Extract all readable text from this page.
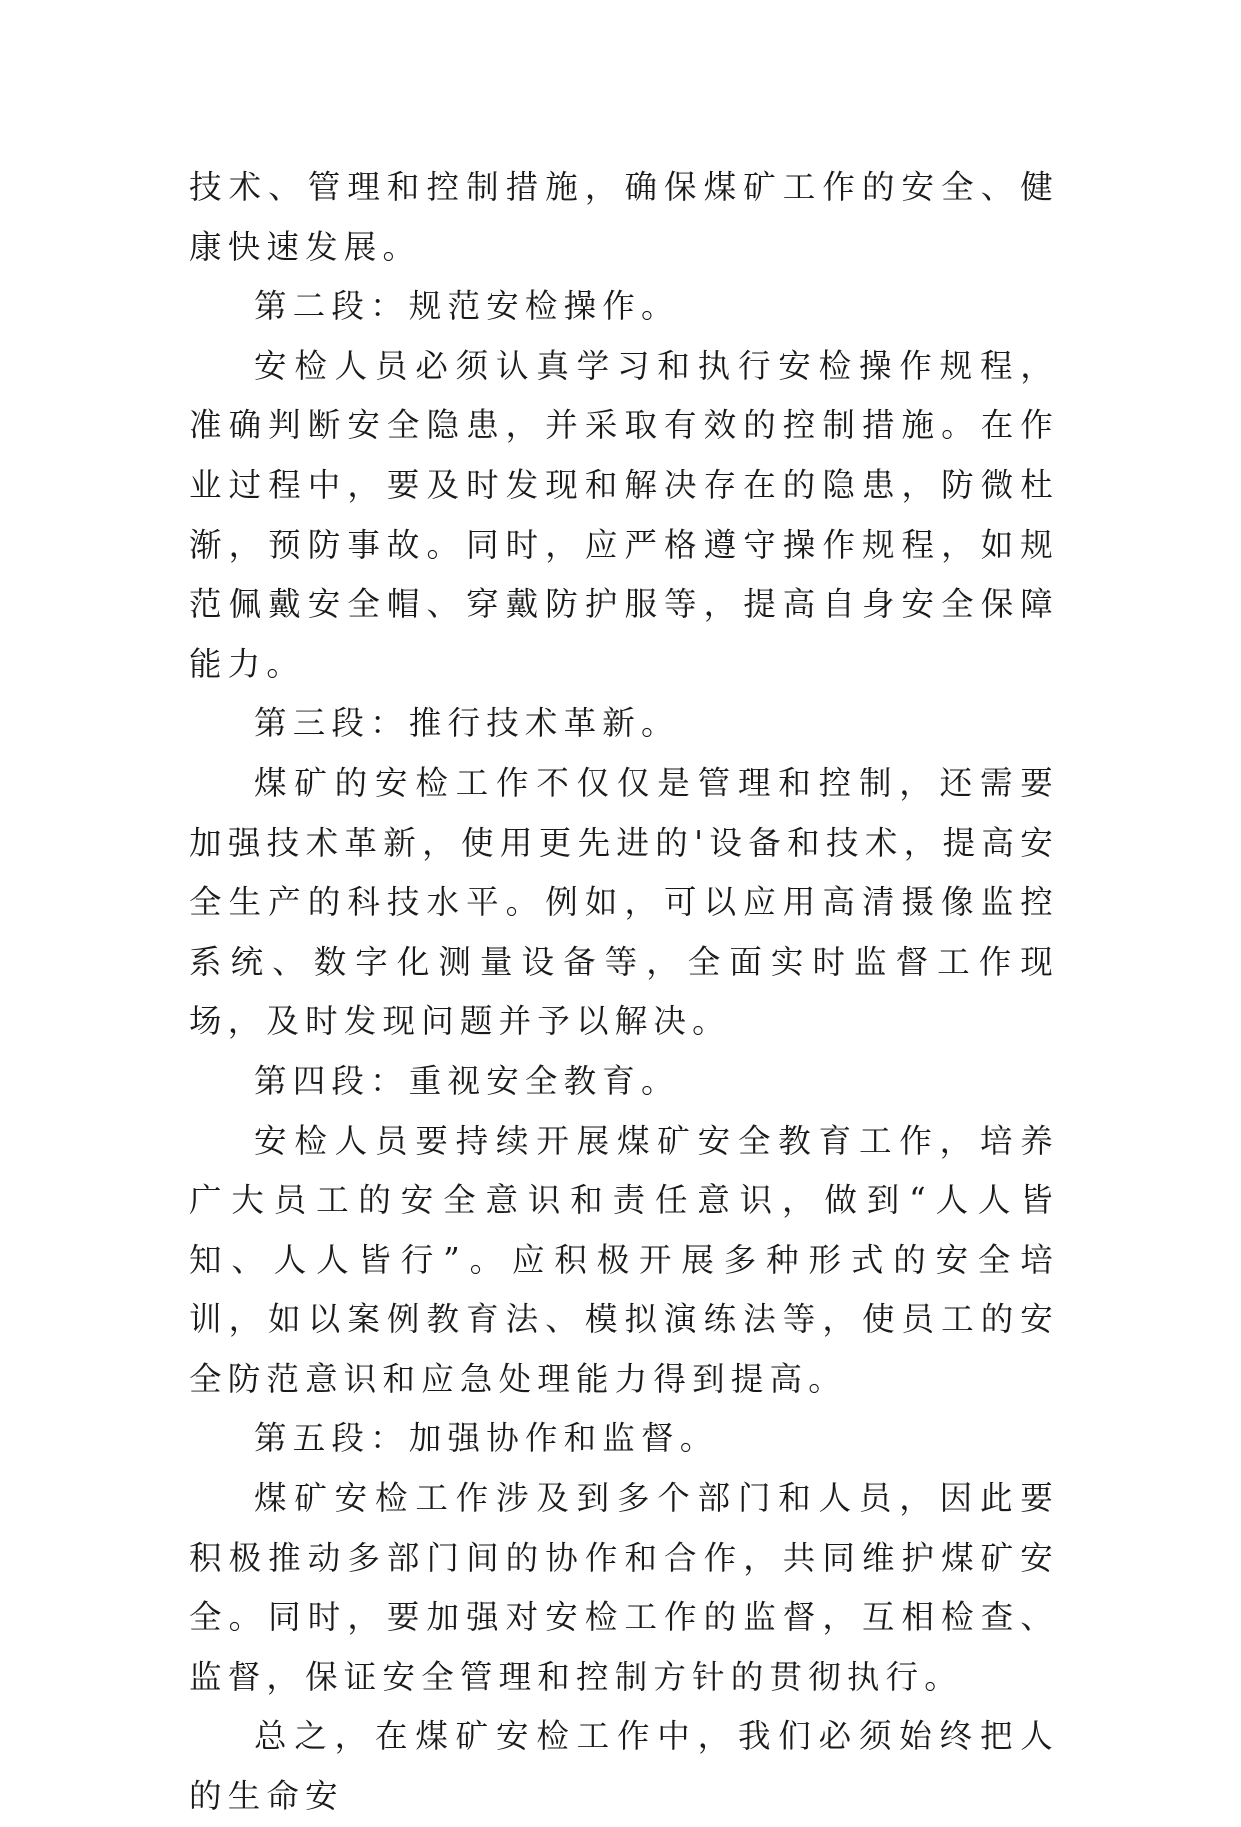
技术、管理和控制措施，确保煤矿工作的安全、健康快速发展。

第二段：规范安检操作。

安检人员必须认真学习和执行安检操作规程，准确判断安全隐患，并采取有效的控制措施。在作业过程中，要及时发现和解决存在的隐患，防微杜渐，预防事故。同时，应严格遵守操作规程，如规范佩戴安全帽、穿戴防护服等，提高自身安全保障能力。

第三段：推行技术革新。

煤矿的安检工作不仅仅是管理和控制，还需要加强技术革新，使用更先进的'设备和技术，提高安全生产的科技水平。例如，可以应用高清摄像监控系统、数字化测量设备等，全面实时监督工作现场，及时发现问题并予以解决。

第四段：重视安全教育。

安检人员要持续开展煤矿安全教育工作，培养广大员工的安全意识和责任意识，做到“人人皆知、人人皆行”。应积极开展多种形式的安全培训，如以案例教育法、模拟演练法等，使员工的安全防范意识和应急处理能力得到提高。

第五段：加强协作和监督。

煤矿安检工作涉及到多个部门和人员，因此要积极推动多部门间的协作和合作，共同维护煤矿安全。同时，要加强对安检工作的监督，互相检查、监督，保证安全管理和控制方针的贯彻执行。

总之，在煤矿安检工作中，我们必须始终把人的生命安
